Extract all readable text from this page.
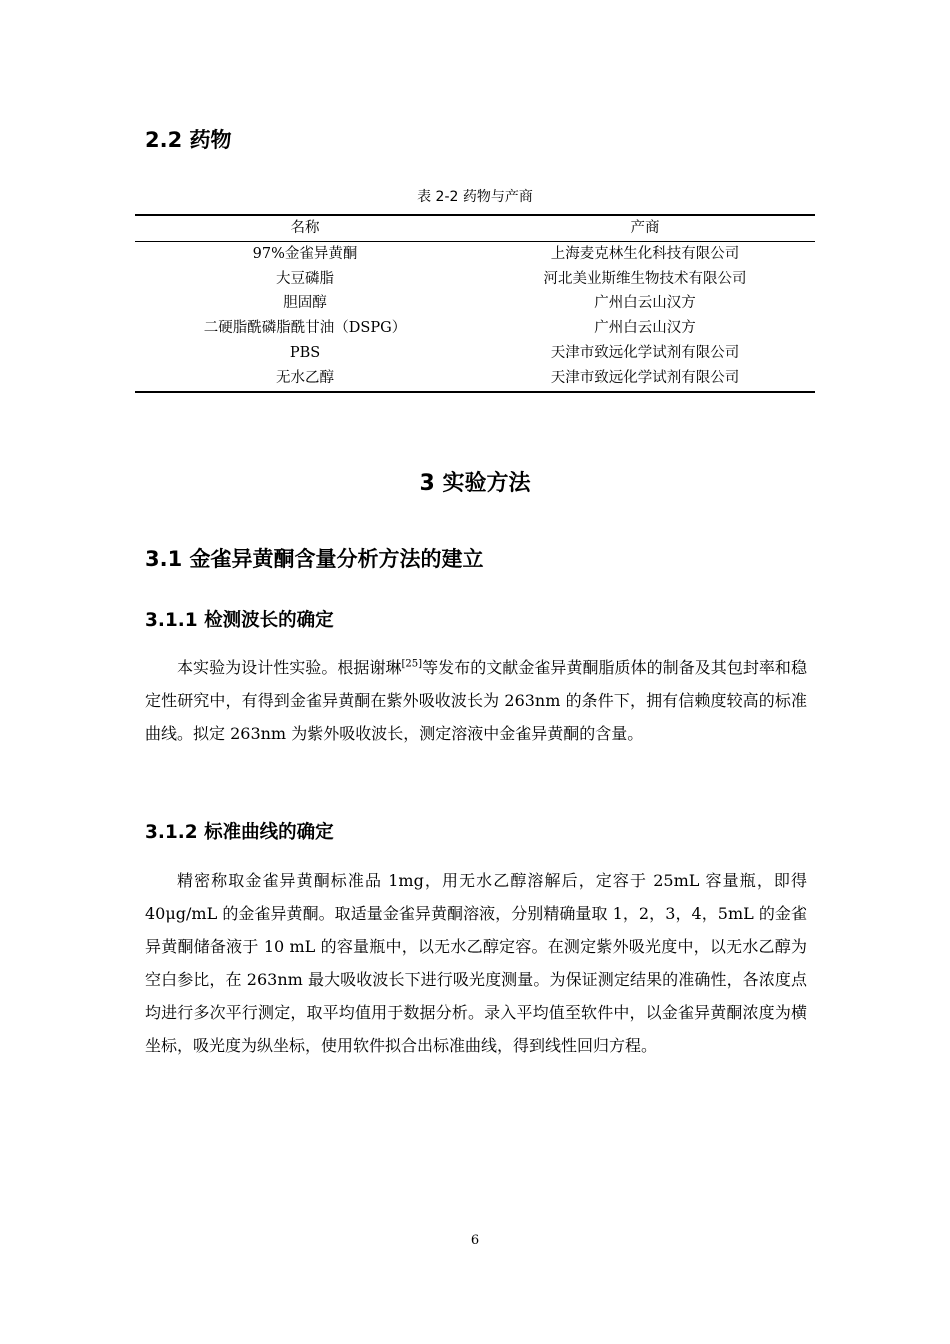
2.2 药物
表 2-2 药物与产商
名称	产商
97%金雀异黄酮	上海麦克林生化科技有限公司
大豆磷脂	河北美业斯维生物技术有限公司
胆固醇	广州白云山汉方
二硬脂酰磷脂酰甘油（DSPG）	广州白云山汉方
PBS	天津市致远化学试剂有限公司
无水乙醇	天津市致远化学试剂有限公司
3 实验方法
3.1 金雀异黄酮含量分析方法的建立
3.1.1 检测波长的确定

本实验为设计性实验。根据谢琳[25]等发布的文献金雀异黄酮脂质体的制备及其包封率和稳定性研究中，有得到金雀异黄酮在紫外吸收波长为 263nm 的条件下，拥有信赖度较高的标准曲线。拟定 263nm 为紫外吸收波长，测定溶液中金雀异黄酮的含量。

3.1.2 标准曲线的确定

精密称取金雀异黄酮标准品 1mg，用无水乙醇溶解后，定容于 25mL 容量瓶，即得 40μg/mL 的金雀异黄酮。取适量金雀异黄酮溶液，分别精确量取 1，2，3，4，5mL 的金雀异黄酮储备液于 10 mL 的容量瓶中，以无水乙醇定容。在测定紫外吸光度中，以无水乙醇为空白参比，在 263nm 最大吸收波长下进行吸光度测量。为保证测定结果的准确性，各浓度点均进行多次平行测定，取平均值用于数据分析。录入平均值至软件中，以金雀异黄酮浓度为横坐标，吸光度为纵坐标，使用软件拟合出标准曲线，得到线性回归方程。

6
